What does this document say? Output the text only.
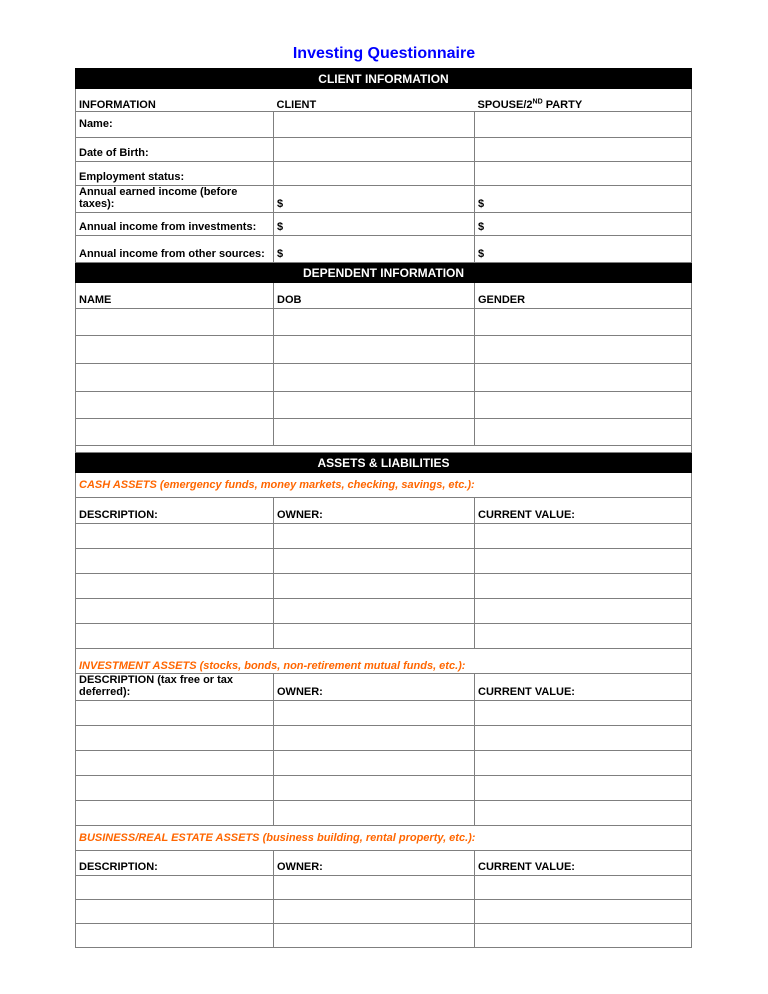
Investing Questionnaire
CLIENT INFORMATION		
INFORMATION	CLIENT	SPOUSE/2ND PARTY
Name:		
Date of Birth:		
Employment status:		
Annual earned income (before taxes):	$	$
Annual income from investments:	$	$
Annual income from other sources:	$	$
DEPENDENT INFORMATION		
NAME	DOB	GENDER

ASSETS & LIABILITIES		
CASH ASSETS (emergency funds, money markets, checking, savings, etc.):		
DESCRIPTION:	OWNER:	CURRENT VALUE:

INVESTMENT ASSETS (stocks, bonds, non-retirement mutual funds, etc.):		
DESCRIPTION (tax free or tax deferred):	OWNER:	CURRENT VALUE:

BUSINESS/REAL ESTATE ASSETS (business building, rental property, etc.):		
DESCRIPTION:	OWNER:	CURRENT VALUE:
